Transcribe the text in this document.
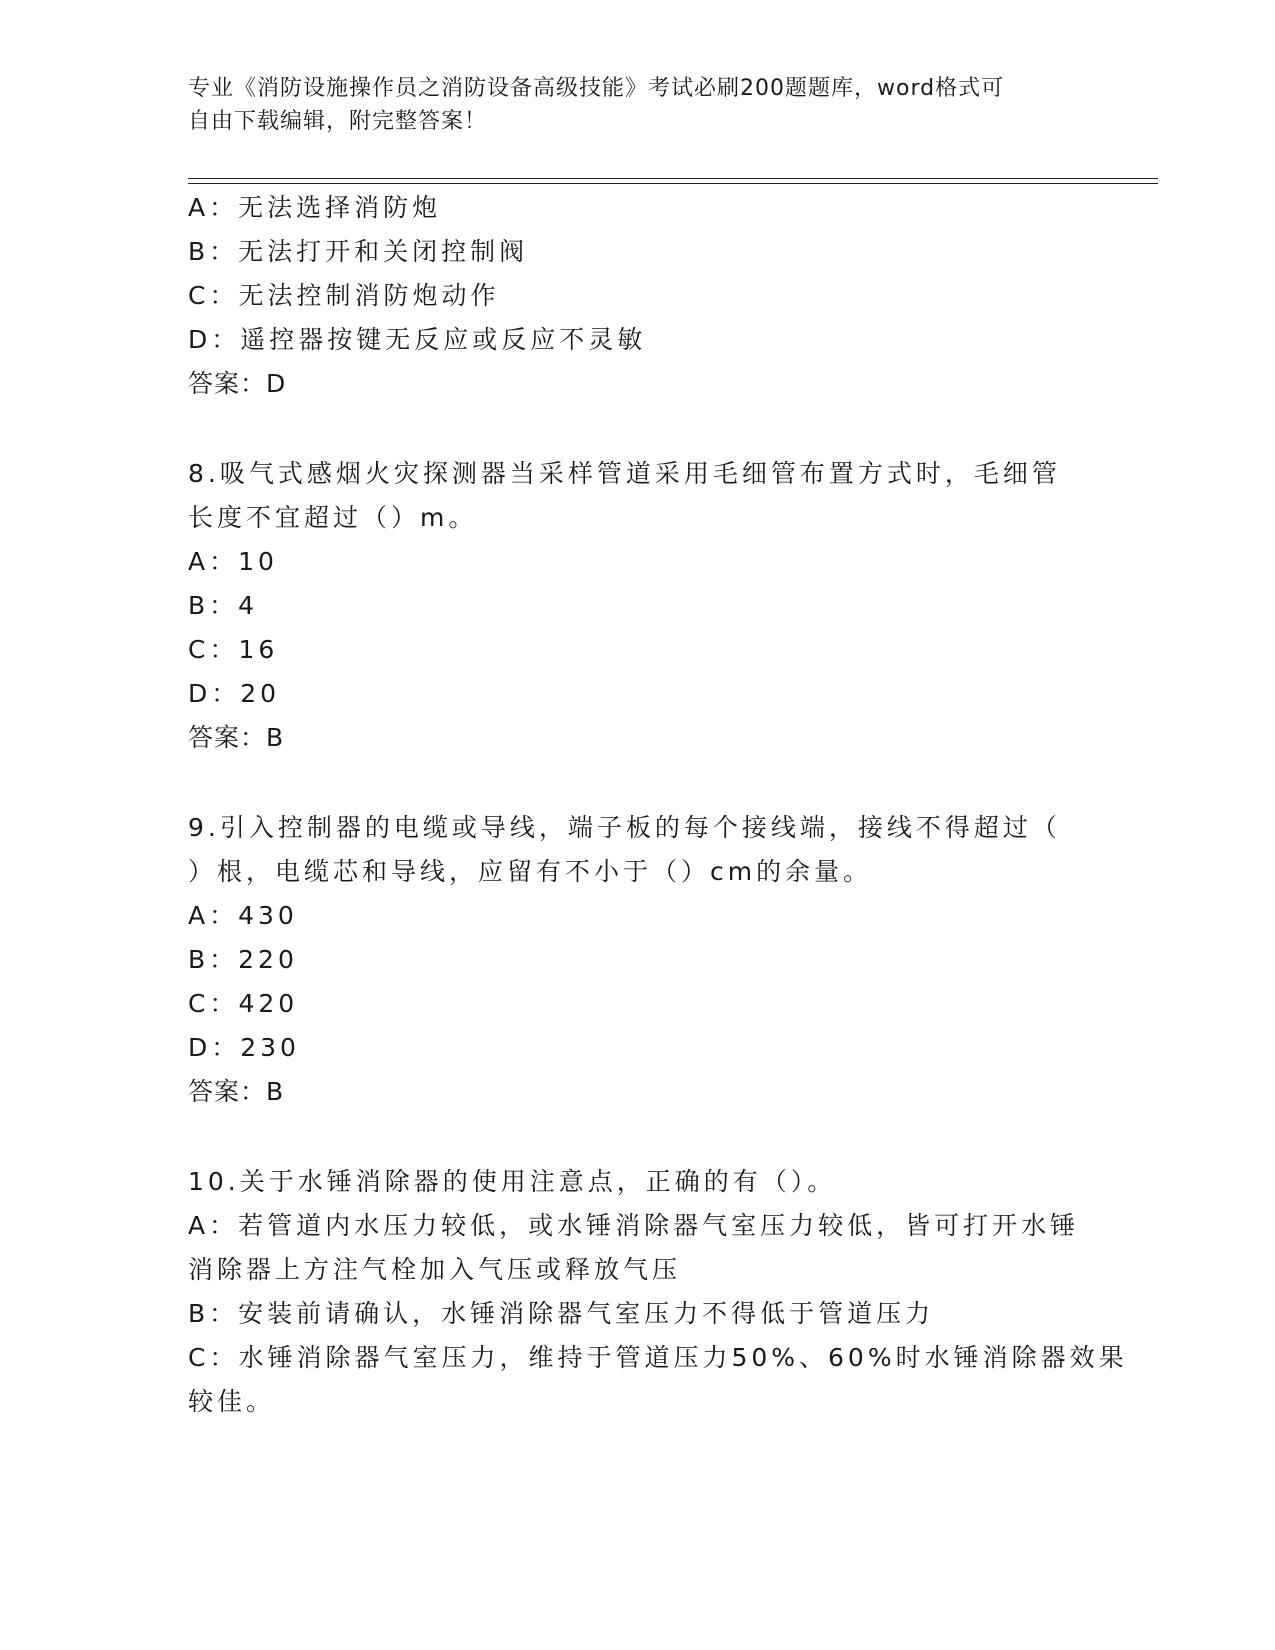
专业《消防设施操作员之消防设备高级技能》考试必刷200题题库，word格式可
自由下载编辑，附完整答案！
A：无法选择消防炮
B：无法打开和关闭控制阀
C：无法控制消防炮动作
D：遥控器按键无反应或反应不灵敏
答案：D
8.吸气式感烟火灾探测器当采样管道采用毛细管布置方式时，毛细管
长度不宜超过（）m。
A：10
B：4
C：16
D：20
答案：B
9.引入控制器的电缆或导线，端子板的每个接线端，接线不得超过（
）根，电缆芯和导线，应留有不小于（）cm的余量。
A：430
B：220
C：420
D：230
答案：B
10.关于水锤消除器的使用注意点，正确的有（）。
A：若管道内水压力较低，或水锤消除器气室压力较低，皆可打开水锤
消除器上方注气栓加入气压或释放气压
B：安装前请确认，水锤消除器气室压力不得低于管道压力
C：水锤消除器气室压力，维持于管道压力50%、60%时水锤消除器效果
较佳。
